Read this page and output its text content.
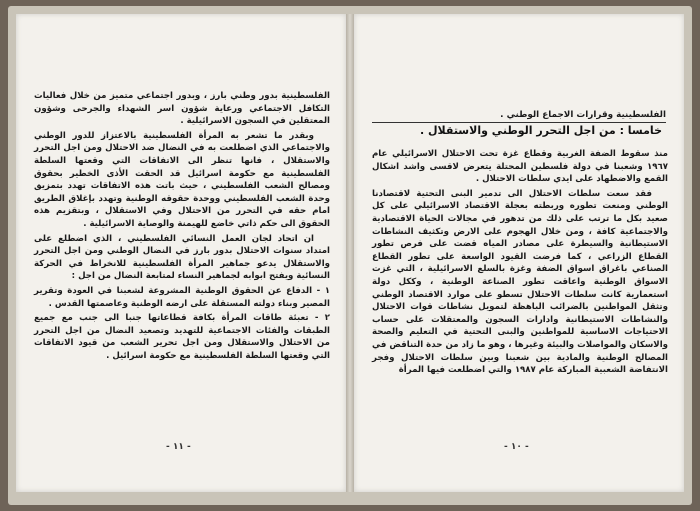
الفلسطينية بدور وطني بارز ، وبدور اجتماعي متميز من خلال فعاليات التكافل الاجتماعي ورعاية شؤون اسر الشهداء والجرحى وشؤون المعتقلين في السجون الاسرائيلية .

وبقدر ما تشعر به المرأة الفلسطينية بالاعتزاز للدور الوطني والاجتماعي الذي اضطلعت به في النضال ضد الاحتلال ومن اجل التحرر والاستقلال ، فانها تنظر الى الاتفاقات التي وقعتها السلطة الفلسطينية مع حكومة اسرائيل قد الحقت الأذى الخطير بحقوق ومصالح الشعب الفلسطيني ، حيث باتت هذه الاتفاقات تهدد بتمزيق وحدة الشعب الفلسطيني ووحدة حقوقه الوطنية وتهدد بإغلاق الطريق امام حقه في التحرر من الاحتلال وفي الاستقلال ، وبتقزيم هذه الحقوق الى حكم ذاتي خاضع للهيمنة والوصاية الاسرائيلية .

ان اتحاد لجان العمل النسائي الفلسطيني ، الذي اضطلع على امتداد سنوات الاحتلال بدور بارز في النضال الوطني ومن اجل التحرر والاستقلال يدعو جماهير المرأة الفلسطينية للانخراط في الحركة النسائية ويفتح ابوابه لجماهير النساء لمتابعة النضال من اجل :

١ - الدفاع عن الحقوق الوطنية المشروعة لشعبنا في العودة وتقرير المصير وبناء دولته المستقلة على ارضه الوطنية وعاصمتها القدس .

٢ - تعبئة طاقات المرأة بكافة قطاعاتها جنبا الى جنب مع جميع الطبقات والفئات الاجتماعية للتهديد وتصعيد النضال من اجل التحرر من الاحتلال والاستقلال ومن اجل تحرير الشعب من قيود الاتفاقات التي وقعتها السلطة الفلسطينية مع حكومة اسرائيل .

- ١١ -
الفلسطينية وقرارات الاجماع الوطني .
خامسا : من اجل التحرر الوطني والاستقلال .

منذ سقوط الضفة الغربية وقطاع غزة تحت الاحتلال الاسرائيلي عام ١٩٦٧ وشعبنا في دولة فلسطين المحتلة يتعرض لاقسى واشد اشكال القمع والاضطهاد على ايدي سلطات الاحتلال .

فقد سعت سلطات الاحتلال الى تدمير البنى التحتية لاقتصادنا الوطني ومنعت تطوره وربطته بعجلة الاقتصاد الاسرائيلي على كل صعيد بكل ما ترتب على ذلك من تدهور في مجالات الحياة الاقتصادية والاجتماعية كافة ، ومن خلال الهجوم على الارض وتكثيف النشاطات الاستيطانية والسيطرة على مصادر المياه قضت على فرص تطور القطاع الزراعي ، كما فرضت القيود الواسعة على تطور القطاع الصناعي باغراق اسواق الضفة وغزة بالسلع الاسرائيلية ، التي غزت الاسواق الوطنية واعاقت تطور الصناعة الوطنية ، وككل دولة استعمارية كانت سلطات الاحتلال تسطو على موارد الاقتصاد الوطني وتثقل المواطنين بالضرائب الباهظة لتمويل نشاطات قوات الاحتلال والنشاطات الاستيطانية وادارات السجون والمعتقلات على حساب الاحتياجات الاساسية للمواطنين والبنى التحتية في التعليم والصحة والاسكان والمواصلات والبيئة وغيرها ، وهو ما زاد من حدة التناقض في المصالح الوطنية والمادية بين شعبنا وبين سلطات الاحتلال وفجر الانتفاضة الشعبية المباركة عام ١٩٨٧ والتي اضطلعت فيها المرأة

- ١٠ -
